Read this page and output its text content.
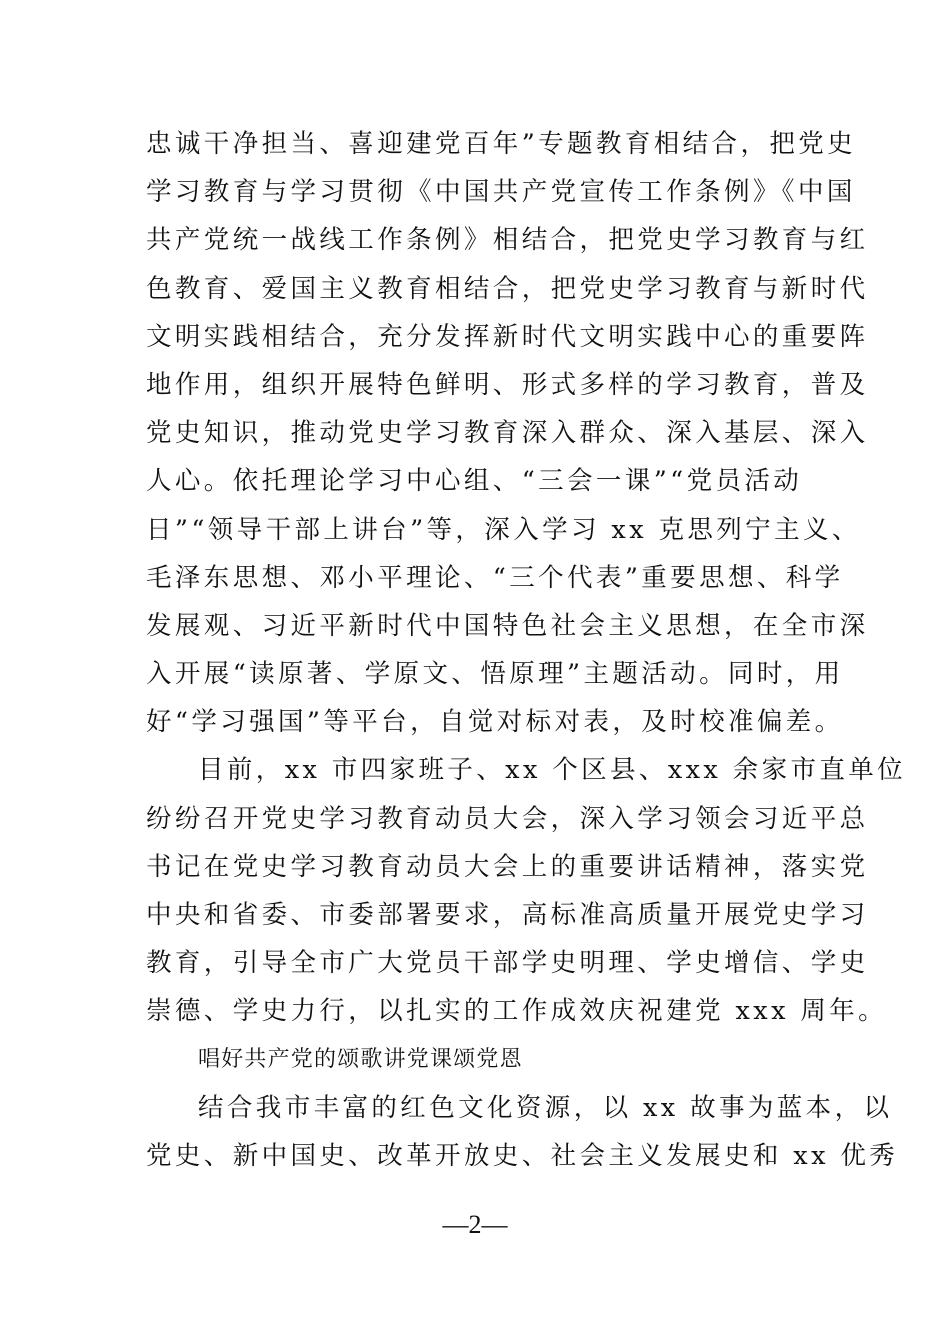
忠诚干净担当、喜迎建党百年”专题教育相结合，把党史
学习教育与学习贯彻《中国共产党宣传工作条例》《中国
共产党统一战线工作条例》相结合，把党史学习教育与红
色教育、爱国主义教育相结合，把党史学习教育与新时代
文明实践相结合，充分发挥新时代文明实践中心的重要阵
地作用，组织开展特色鲜明、形式多样的学习教育，普及
党史知识，推动党史学习教育深入群众、深入基层、深入
人心。依托理论学习中心组、“三会一课”“党员活动
日”“领导干部上讲台”等，深入学习 xx 克思列宁主义、
毛泽东思想、邓小平理论、“三个代表”重要思想、科学
发展观、习近平新时代中国特色社会主义思想，在全市深
入开展“读原著、学原文、悟原理”主题活动。同时，用
好“学习强国”等平台，自觉对标对表，及时校准偏差。
目前，xx 市四家班子、xx 个区县、xxx 余家市直单位
纷纷召开党史学习教育动员大会，深入学习领会习近平总
书记在党史学习教育动员大会上的重要讲话精神，落实党
中央和省委、市委部署要求，高标准高质量开展党史学习
教育，引导全市广大党员干部学史明理、学史增信、学史
崇德、学史力行，以扎实的工作成效庆祝建党 xxx 周年。
唱好共产党的颂歌讲党课颂党恩
结合我市丰富的红色文化资源，以 xx 故事为蓝本，以
党史、新中国史、改革开放史、社会主义发展史和 xx 优秀
—2—
